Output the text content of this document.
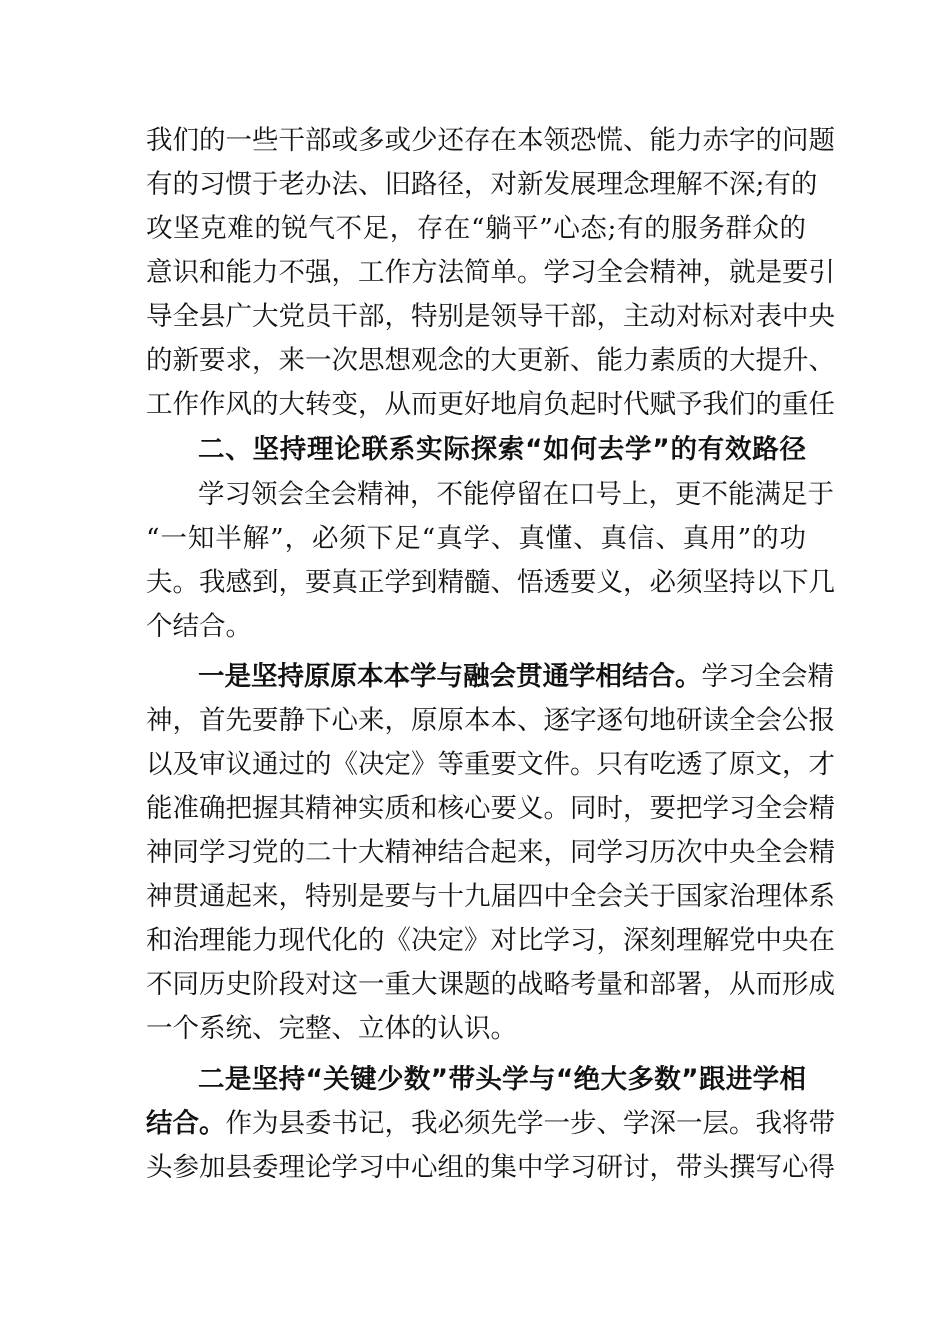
我们的一些干部或多或少还存在本领恐慌、能力赤字的问题
有的习惯于老办法、旧路径，对新发展理念理解不深;有的
攻坚克难的锐气不足，存在“躺平”心态;有的服务群众的
意识和能力不强，工作方法简单。学习全会精神，就是要引
导全县广大党员干部，特别是领导干部，主动对标对表中央
的新要求，来一次思想观念的大更新、能力素质的大提升、
工作作风的大转变，从而更好地肩负起时代赋予我们的重任
二、坚持理论联系实际探索“如何去学”的有效路径
学习领会全会精神，不能停留在口号上，更不能满足于
“一知半解”，必须下足“真学、真懂、真信、真用”的功
夫。我感到，要真正学到精髓、悟透要义，必须坚持以下几
个结合。
一是坚持原原本本学与融会贯通学相结合。学习全会精
神，首先要静下心来，原原本本、逐字逐句地研读全会公报
以及审议通过的《决定》等重要文件。只有吃透了原文，才
能准确把握其精神实质和核心要义。同时，要把学习全会精
神同学习党的二十大精神结合起来，同学习历次中央全会精
神贯通起来，特别是要与十九届四中全会关于国家治理体系
和治理能力现代化的《决定》对比学习，深刻理解党中央在
不同历史阶段对这一重大课题的战略考量和部署，从而形成
一个系统、完整、立体的认识。
二是坚持“关键少数”带头学与“绝大多数”跟进学相
结合。作为县委书记，我必须先学一步、学深一层。我将带
头参加县委理论学习中心组的集中学习研讨，带头撰写心得
